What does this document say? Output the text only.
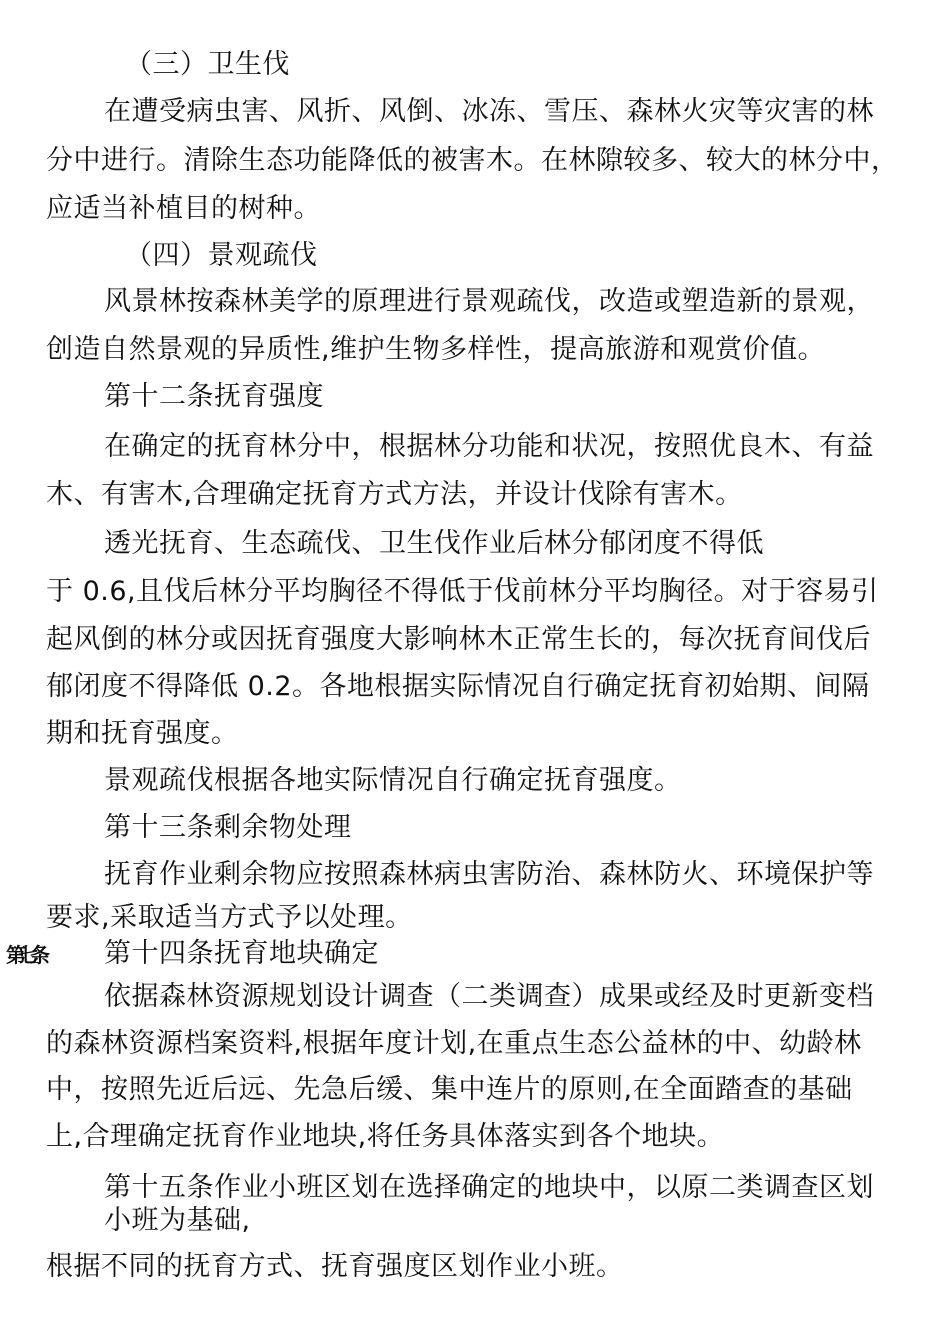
第七条
（三）卫生伐
在遭受病虫害、风折、风倒、冰冻、雪压、森林火灾等灾害的林
分中进行。清除生态功能降低的被害木。在林隙较多、较大的林分中，
应适当补植目的树种。
（四）景观疏伐
风景林按森林美学的原理进行景观疏伐，改造或塑造新的景观，
创造自然景观的异质性,维护生物多样性，提高旅游和观赏价值。
第十二条抚育强度
在确定的抚育林分中，根据林分功能和状况，按照优良木、有益
木、有害木,合理确定抚育方式方法，并设计伐除有害木。
透光抚育、生态疏伐、卫生伐作业后林分郁闭度不得低
于 0.6,且伐后林分平均胸径不得低于伐前林分平均胸径。对于容易引
起风倒的林分或因抚育强度大影响林木正常生长的，每次抚育间伐后
郁闭度不得降低 0.2。各地根据实际情况自行确定抚育初始期、间隔
期和抚育强度。
景观疏伐根据各地实际情况自行确定抚育强度。
第十三条剩余物处理
抚育作业剩余物应按照森林病虫害防治、森林防火、环境保护等
要求,采取适当方式予以处理。
第十四条抚育地块确定
依据森林资源规划设计调查（二类调查）成果或经及时更新变档
的森林资源档案资料,根据年度计划,在重点生态公益林的中、幼龄林
中，按照先近后远、先急后缓、集中连片的原则,在全面踏查的基础
上,合理确定抚育作业地块,将任务具体落实到各个地块。
第十五条作业小班区划在选择确定的地块中，以原二类调查区划
小班为基础,
根据不同的抚育方式、抚育强度区划作业小班。
